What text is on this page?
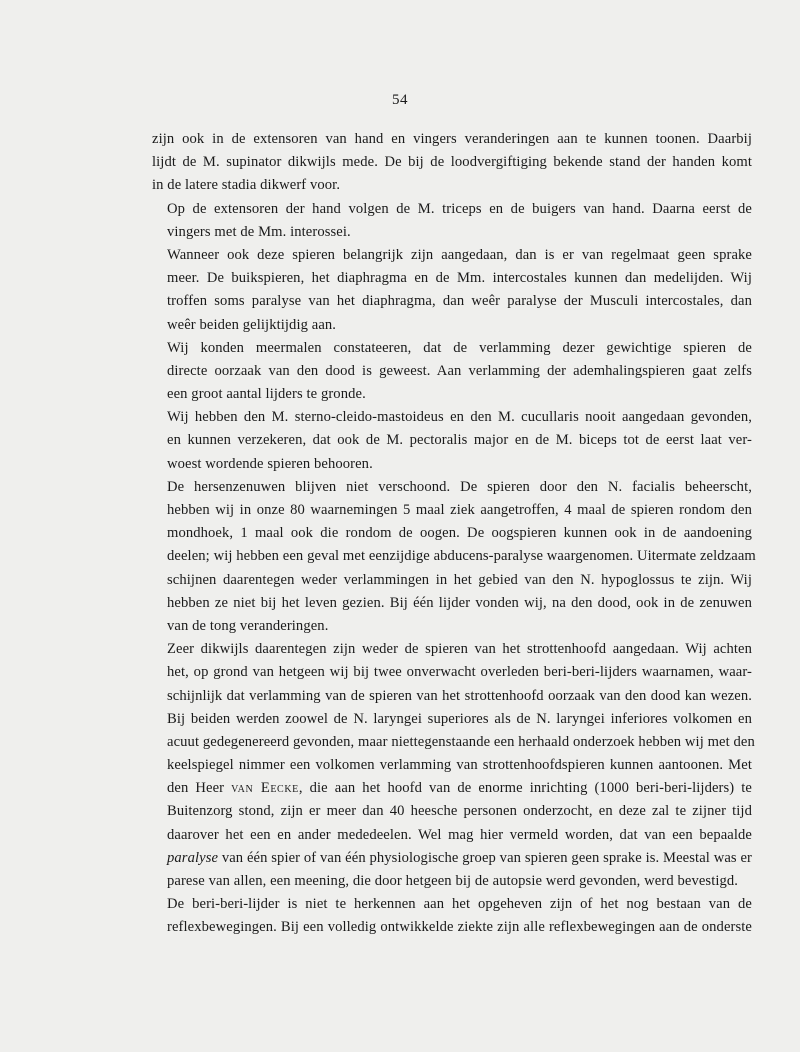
54
zijn ook in de extensoren van hand en vingers veranderingen aan te kunnen toonen. Daarbij
lijdt de M. supinator dikwijls mede. De bij de loodvergiftiging bekende stand der handen komt
in de latere stadia dikwerf voor.
Op de extensoren der hand volgen de M. triceps en de buigers van hand. Daarna eerst de
vingers met de Mm. interossei.
Wanneer ook deze spieren belangrijk zijn aangedaan, dan is er van regelmaat geen sprake
meer. De buikspieren, het diaphragma en de Mm. intercostales kunnen dan medelijden. Wij
troffen soms paralyse van het diaphragma, dan weêr paralyse der Musculi intercostales, dan
weêr beiden gelijktijdig aan.
Wij konden meermalen constateeren, dat de verlamming dezer gewichtige spieren de
directe oorzaak van den dood is geweest. Aan verlamming der ademhalingspieren gaat zelfs
een groot aantal lijders te gronde.
Wij hebben den M. sterno-cleido-mastoideus en den M. cucullaris nooit aangedaan gevonden,
en kunnen verzekeren, dat ook de M. pectoralis major en de M. biceps tot de eerst laat ver-
woest wordende spieren behooren.
De hersenzenuwen blijven niet verschoond. De spieren door den N. facialis beheerscht,
hebben wij in onze 80 waarnemingen 5 maal ziek aangetroffen, 4 maal de spieren rondom den
mondhoek, 1 maal ook die rondom de oogen. De oogspieren kunnen ook in de aandoening
deelen; wij hebben een geval met eenzijdige abducens-paralyse waargenomen. Uitermate zeldzaam
schijnen daarentegen weder verlammingen in het gebied van den N. hypoglossus te zijn. Wij
hebben ze niet bij het leven gezien. Bij één lijder vonden wij, na den dood, ook in de zenuwen
van de tong veranderingen.
Zeer dikwijls daarentegen zijn weder de spieren van het strottenhoofd aangedaan. Wij achten
het, op grond van hetgeen wij bij twee onverwacht overleden beri-beri-lijders waarnamen, waar-
schijnlijk dat verlamming van de spieren van het strottenhoofd oorzaak van den dood kan wezen.
Bij beiden werden zoowel de N. laryngei superiores als de N. laryngei inferiores volkomen en
acuut gedegenereerd gevonden, maar niettegenstaande een herhaald onderzoek hebben wij met den
keelspiegel nimmer een volkomen verlamming van strottenhoofdspieren kunnen aantoonen. Met
den Heer van Eecke, die aan het hoofd van de enorme inrichting (1000 beri-beri-lijders) te
Buitenzorg stond, zijn er meer dan 40 heesche personen onderzocht, en deze zal te zijner tijd
daarover het een en ander mededeelen. Wel mag hier vermeld worden, dat van een bepaalde
paralyse van één spier of van één physiologische groep van spieren geen sprake is. Meestal was er
parese van allen, een meening, die door hetgeen bij de autopsie werd gevonden, werd bevestigd.
De beri-beri-lijder is niet te herkennen aan het opgeheven zijn of het nog bestaan van de
reflexbewegingen. Bij een volledig ontwikkelde ziekte zijn alle reflexbewegingen aan de onderste
